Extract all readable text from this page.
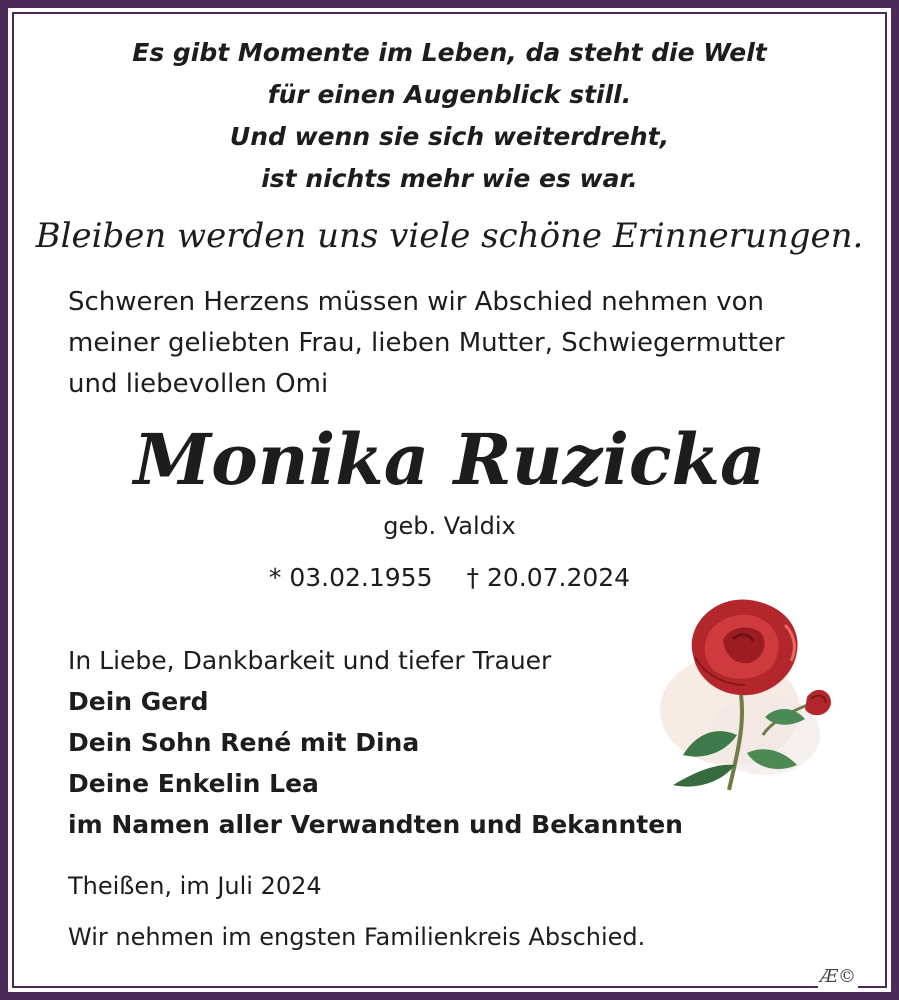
Es gibt Momente im Leben, da steht die Welt
für einen Augenblick still.
Und wenn sie sich weiterdreht,
ist nichts mehr wie es war.
Bleiben werden uns viele schöne Erinnerungen.
Schweren Herzens müssen wir Abschied nehmen von
meiner geliebten Frau, lieben Mutter, Schwiegermutter
und liebevollen Omi
Monika Ruzicka
geb. Valdix
* 03.02.1955 † 20.07.2024
In Liebe, Dankbarkeit und tiefer Trauer
Dein Gerd
Dein Sohn René mit Dina
Deine Enkelin Lea
im Namen aller Verwandten und Bekannten
Theißen, im Juli 2024
Wir nehmen im engsten Familienkreis Abschied.
Æ©
